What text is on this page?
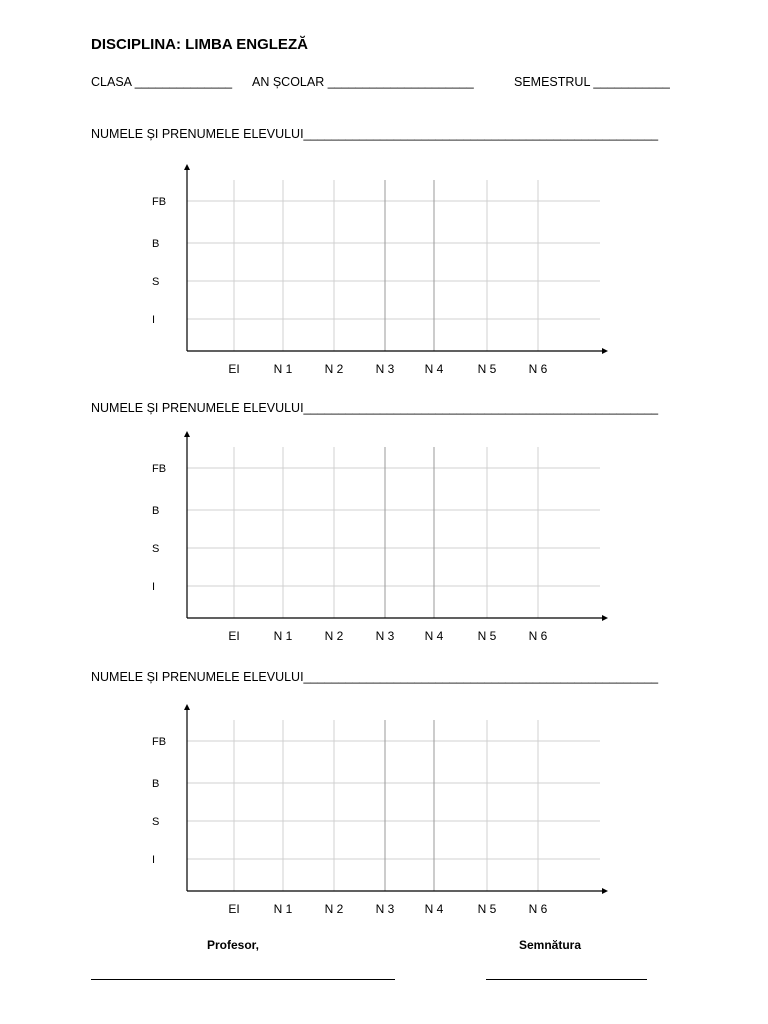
DISCIPLINA: LIMBA ENGLEZĂ
CLASA ______________ AN ȘCOLAR _____________________	SEMESTRUL ___________
NUMELE ȘI PRENUMELE ELEVULUI___________________________________________________
FB
B
S
I
EI	N 1	N 2	N 3	N 4	N 5	N 6
NUMELE ȘI PRENUMELE ELEVULUI___________________________________________________
FB
B
S
I
EI	N 1	N 2	N 3	N 4	N 5	N 6
NUMELE ȘI PRENUMELE ELEVULUI___________________________________________________
FB
B
S
I
EI	N 1	N 2	N 3	N 4	N 5	N 6
Profesor,	Semnătura
